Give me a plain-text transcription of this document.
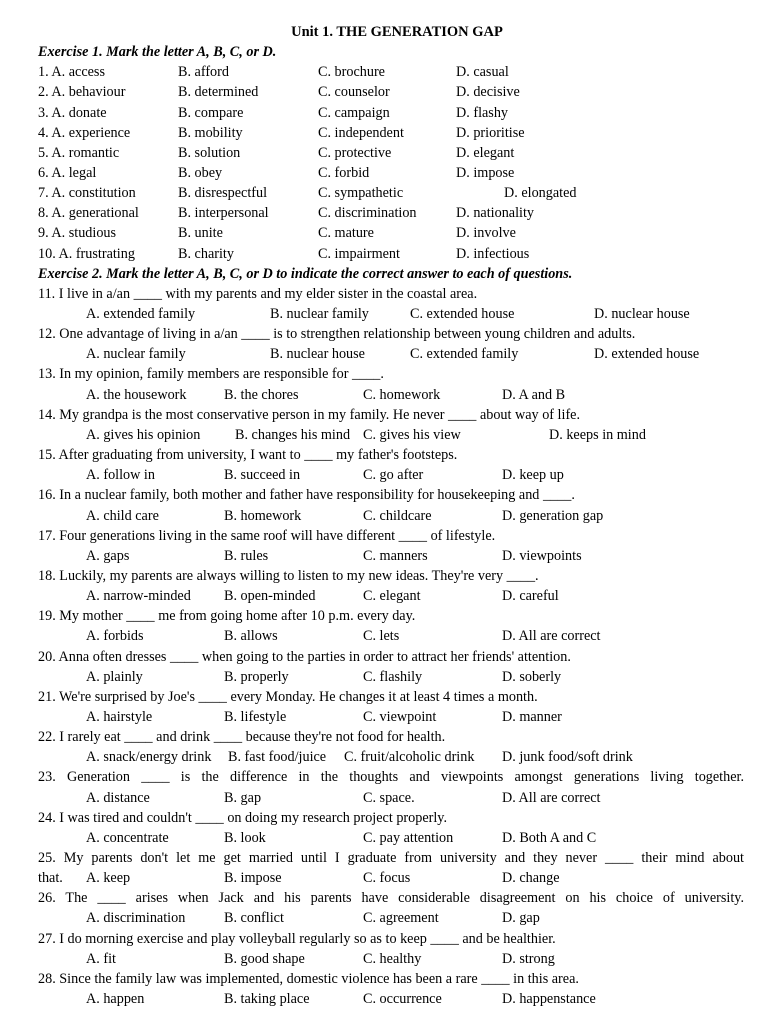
Unit 1. THE GENERATION GAP
Exercise 1. Mark the letter A, B, C, or D.
1. A. access	B. afford	C. brochure	D. casual
2. A. behaviour	B. determined	C. counselor	D. decisive
3. A. donate	B. compare	C. campaign	D. flashy
4. A. experience	B. mobility	C. independent	D. prioritise
5. A. romantic	B. solution	C. protective	D. elegant
6. A. legal	B. obey	C. forbid	D. impose
7. A. constitution	B. disrespectful	C. sympathetic	D. elongated
8. A. generational	B. interpersonal	C. discrimination	D. nationality
9. A. studious	B. unite	C. mature	D. involve
10. A. frustrating	B. charity	C. impairment	D. infectious
Exercise 2. Mark the letter A, B, C, or D to indicate the correct answer to each of questions.
11. I live in a/an ____ with my parents and my elder sister in the coastal area.
A. extended family	B. nuclear family	C. extended house	D. nuclear house
12. One advantage of living in a/an ____ is to strengthen relationship between young children and adults.
A. nuclear family	B. nuclear house	C. extended family	D. extended house
13. In my opinion, family members are responsible for ____.
A. the housework	B. the chores	C. homework	D. A and B
14. My grandpa is the most conservative person in my family. He never ____ about way of life.
A. gives his opinion B. changes his mind C. gives his view	D. keeps in mind
15. After graduating from university, I want to ____ my father's footsteps.
A. follow in	B. succeed in	C. go after	D. keep up
16. In a nuclear family, both mother and father have responsibility for housekeeping and ____.
A. child care	B. homework	C. childcare	D. generation gap
17. Four generations living in the same roof will have different ____ of lifestyle.
A. gaps	B. rules	C. manners	D. viewpoints
18. Luckily, my parents are always willing to listen to my new ideas. They're very ____.
A. narrow-minded B. open-minded	C. elegant	D. careful
19. My mother ____ me from going home after 10 p.m. every day.
A. forbids	B. allows	C. lets	D. All are correct
20. Anna often dresses ____ when going to the parties in order to attract her friends' attention.
A. plainly	B. properly	C. flashily	D. soberly
21. We're surprised by Joe's ____ every Monday. He changes it at least 4 times a month.
A. hairstyle	B. lifestyle	C. viewpoint	D. manner
22. I rarely eat ____ and drink ____ because they're not food for health.
A. snack/energy drink B. fast food/juice C. fruit/alcoholic drink D. junk food/soft drink
23. Generation ____ is the difference in the thoughts and viewpoints amongst generations living together.
A. distance	B. gap	C. space.	D. All are correct
24. I was tired and couldn't ____ on doing my research project properly.
A. concentrate	B. look	C. pay attention	D. Both A and C
25. My parents don't let me get married until I graduate from university and they never ____ their mind about
that. A. keep	B. impose	C. focus	D. change
26. The ____ arises when Jack and his parents have considerable disagreement on his choice of university.
A. discrimination	B. conflict	C. agreement	D. gap
27. I do morning exercise and play volleyball regularly so as to keep ____ and be healthier.
A. fit	B. good shape	C. healthy	D. strong
28. Since the family law was implemented, domestic violence has been a rare ____ in this area.
A. happen	B. taking place	C. occurrence	D. happenstance
